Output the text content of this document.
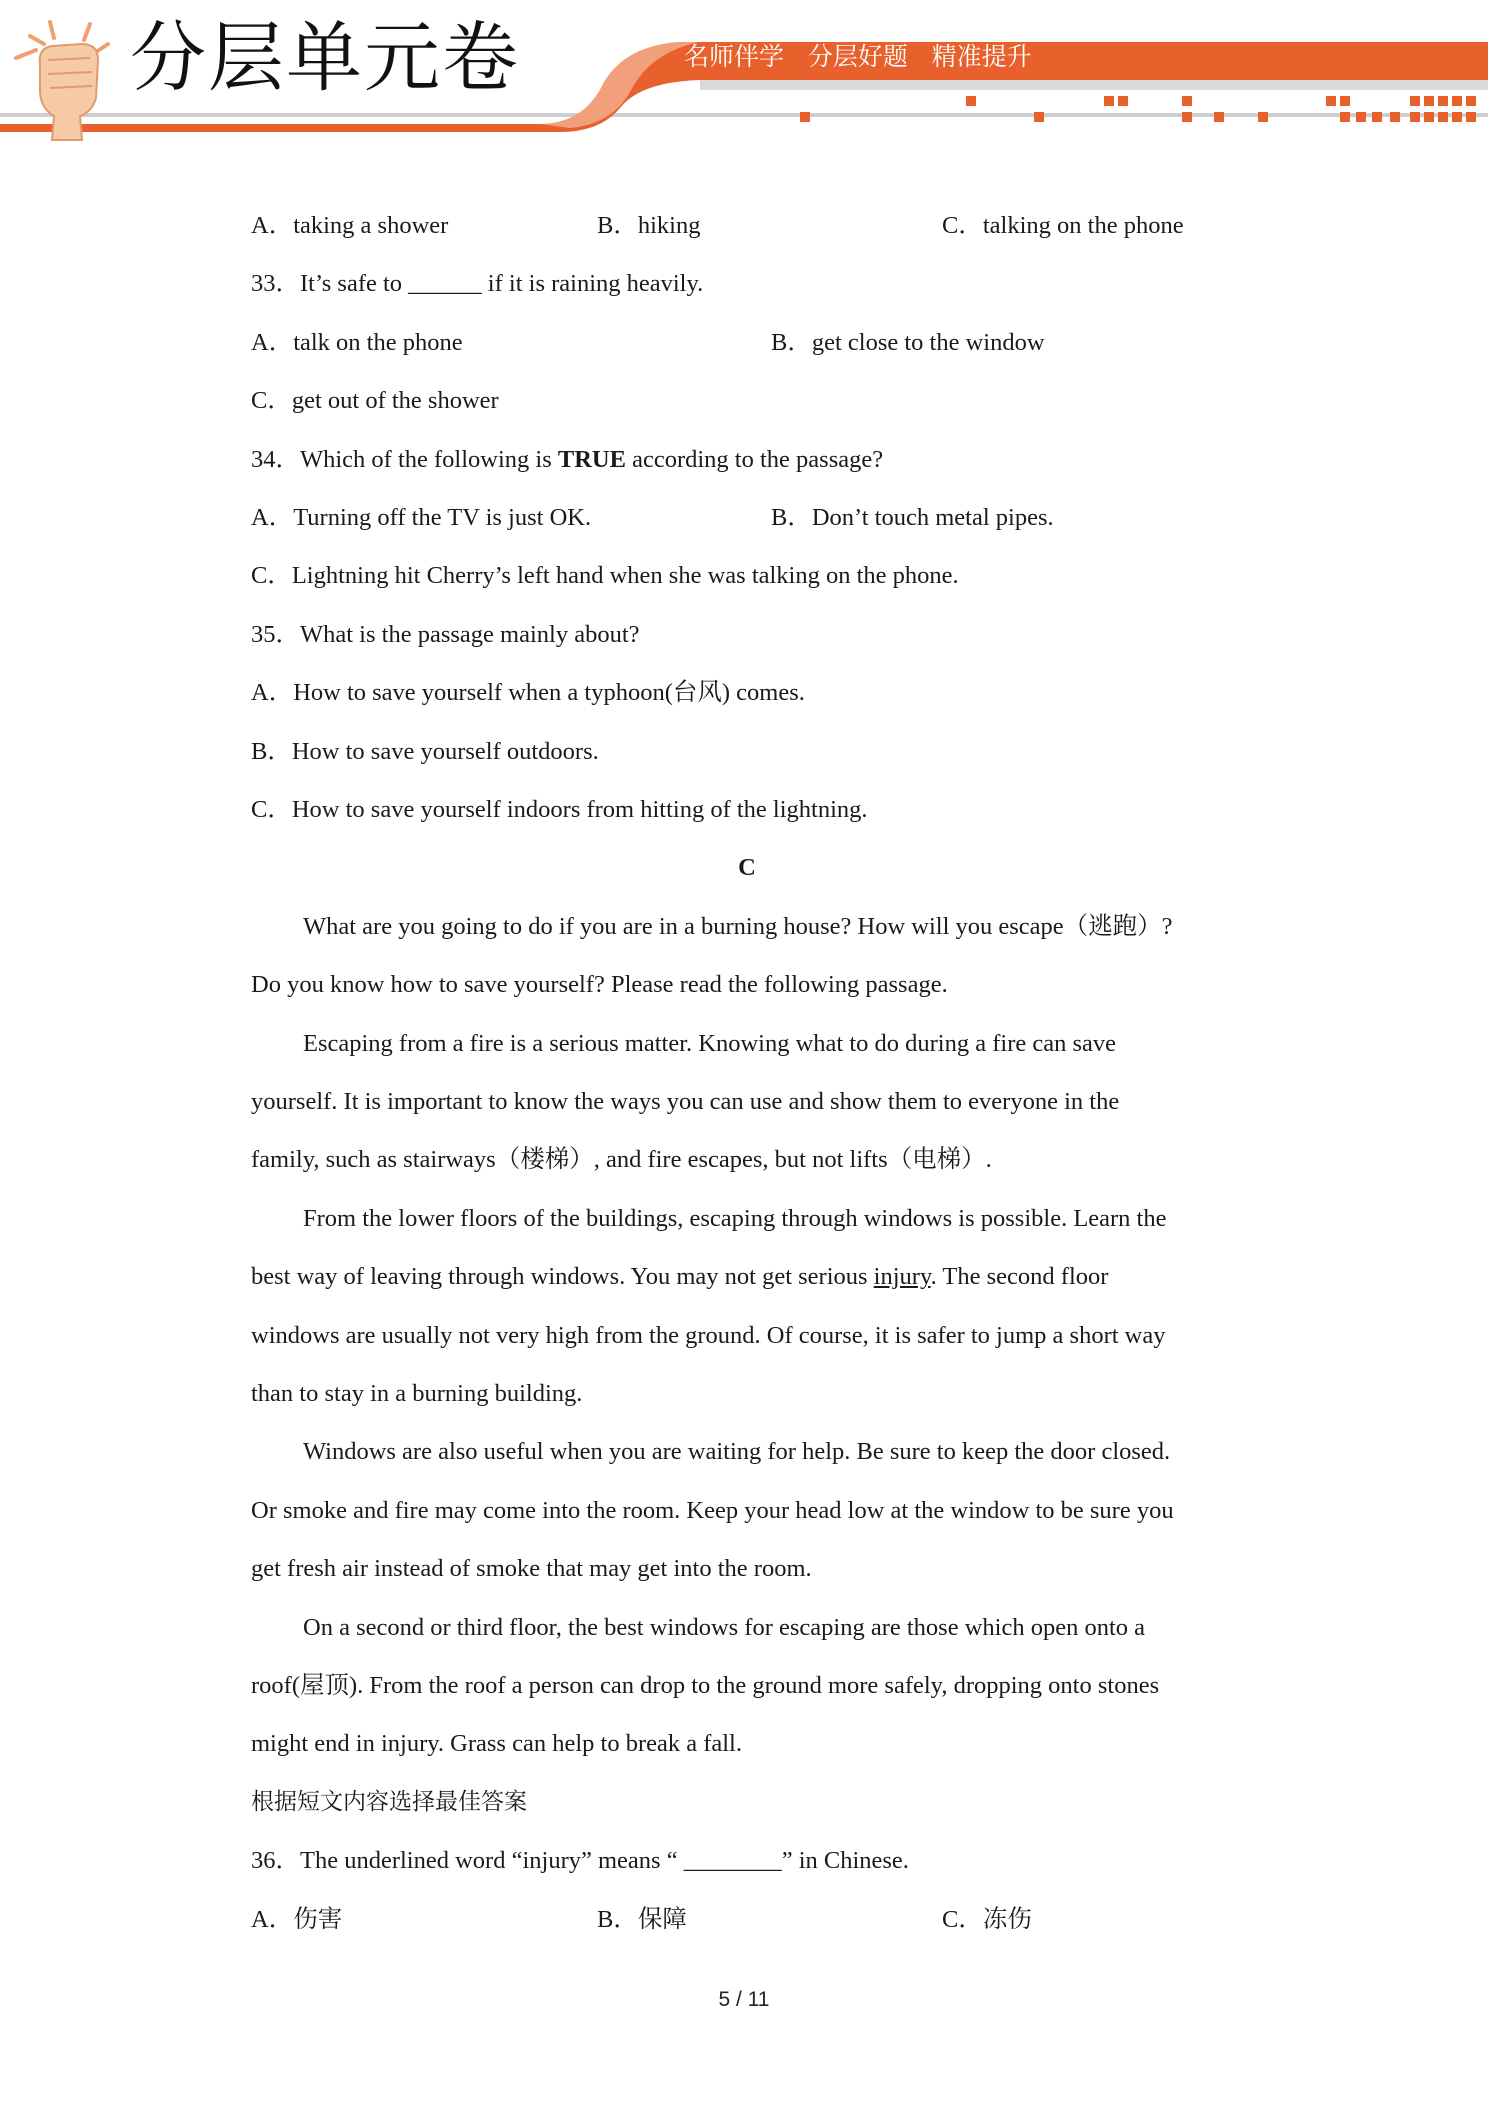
分层单元卷	名师伴学   分层好题   精准提升

A．taking a shower	B．hiking	C．talking on the phone
33．It’s safe to ______ if it is raining heavily.
A．talk on the phone	B．get close to the window
C．get out of the shower
34．Which of the following is TRUE according to the passage?
A．Turning off the TV is just OK.	B．Don’t touch metal pipes.
C．Lightning hit Cherry’s left hand when she was talking on the phone.
35．What is the passage mainly about?
A．How to save yourself when a typhoon(台风) comes.
B．How to save yourself outdoors.
C．How to save yourself indoors from hitting of the lightning.
C
What are you going to do if you are in a burning house? How will you escape（逃跑）?
Do you know how to save yourself? Please read the following passage.
Escaping from a fire is a serious matter. Knowing what to do during a fire can save
yourself. It is important to know the ways you can use and show them to everyone in the
family, such as stairways（楼梯）, and fire escapes, but not lifts（电梯）.
From the lower floors of the buildings, escaping through windows is possible. Learn the
best way of leaving through windows. You may not get serious injury. The second floor
windows are usually not very high from the ground. Of course, it is safer to jump a short way
than to stay in a burning building.
Windows are also useful when you are waiting for help. Be sure to keep the door closed.
Or smoke and fire may come into the room. Keep your head low at the window to be sure you
get fresh air instead of smoke that may get into the room.
On a second or third floor, the best windows for escaping are those which open onto a
roof(屋顶). From the roof a person can drop to the ground more safely, dropping onto stones
might end in injury. Grass can help to break a fall.
根据短文内容选择最佳答案
36．The underlined word “injury” means “ ________” in Chinese.
A．伤害	B．保障	C．冻伤
5 / 11
